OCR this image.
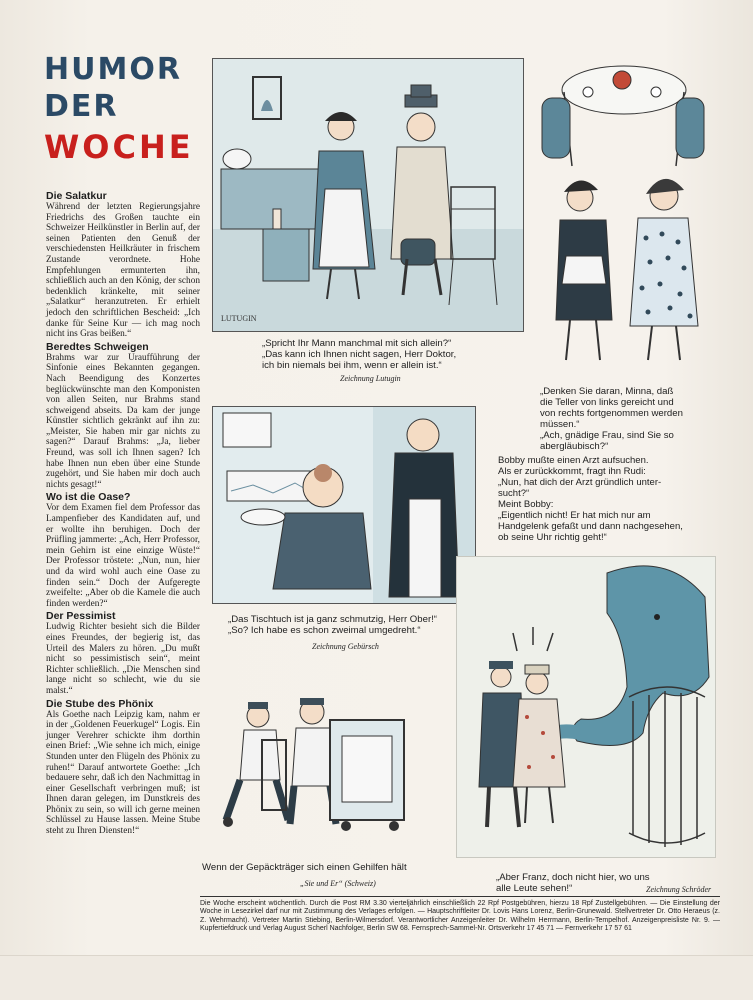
HUMOR
DER
WOCHE
Die Salatkur

Während der letzten Regierungsjahre Friedrichs des Großen tauchte ein Schweizer Heilkünstler in Berlin auf, der seinen Patienten den Genuß der verschiedensten Heilkräuter in frischem Zustande verordnete. Hohe Empfehlungen ermunterten ihn, schließlich auch an den König, der schon bedenklich kränkelte, mit seiner „Salatkur“ heranzutreten. Er erhielt jedoch den schriftlichen Bescheid: „Ich danke für Seine Kur — ich mag noch nicht ins Gras beißen.“

Beredtes Schweigen

Brahms war zur Uraufführung der Sinfonie eines Bekannten gegangen. Nach Beendigung des Konzertes beglückwünschte man den Komponisten von allen Seiten, nur Brahms stand schweigend abseits. Da kam der junge Künstler sichtlich gekränkt auf ihn zu: „Meister, Sie haben mir gar nichts zu sagen?“ Darauf Brahms: „Ja, lieber Freund, was soll ich Ihnen sagen? Ich habe Ihnen nun eben über eine Stunde zugehört, und Sie haben mir doch auch nichts gesagt!“

Wo ist die Oase?

Vor dem Examen fiel dem Professor das Lampenfieber des Kandidaten auf, und er wollte ihn beruhigen. Doch der Prüfling jammerte: „Ach, Herr Professor, mein Gehirn ist eine einzige Wüste!“ Der Professor tröstete: „Nun, nun, hier und da wird wohl auch eine Oase zu finden sein.“ Doch der Aufgeregte zweifelte: „Aber ob die Kamele die auch finden werden?“

Der Pessimist

Ludwig Richter besieht sich die Bilder eines Freundes, der begierig ist, das Urteil des Malers zu hören. „Du mußt nicht so pessimistisch sein“, meint Richter schließlich. „Die Menschen sind lange nicht so schlecht, wie du sie malst.“

Die Stube des Phönix

Als Goethe nach Leipzig kam, nahm er in der „Goldenen Feuerkugel“ Logis. Ein junger Verehrer schickte ihm dorthin einen Brief: „Wie sehne ich mich, einige Stunden unter den Flügeln des Phönix zu ruhen!“ Darauf antwortete Goethe: „Ich bedauere sehr, daß ich den Nachmittag in einer Gesellschaft verbringen muß; ist Ihnen daran gelegen, im Dunstkreis des Phönix zu sein, so will ich gerne meinen Schlüssel zu Hause lassen. Meine Stube steht zu Ihren Diensten!“

LUTUGIN
„Spricht Ihr Mann manchmal mit sich allein?“
„Das kann ich Ihnen nicht sagen, Herr Doktor,
ich bin niemals bei ihm, wenn er allein ist.“
Zeichnung Lutugin
„Denken Sie daran, Minna, daß
die Teller von links gereicht und
von rechts fortgenommen werden
müssen.“
„Ach, gnädige Frau, sind Sie so
abergläubisch?“
Bobby mußte einen Arzt aufsuchen.
Als er zurückkommt, fragt ihn Rudi:
„Nun, hat dich der Arzt gründlich unter-
sucht?“
Meint Bobby:
„Eigentlich nicht! Er hat mich nur am
Handgelenk gefaßt und dann nachgesehen,
ob seine Uhr richtig geht!“
„Das Tischtuch ist ja ganz schmutzig, Herr Ober!“
„So? Ich habe es schon zweimal umgedreht.“
Zeichnung Gebürsch
Wenn der Gepäckträger sich einen Gehilfen hält
„Sie und Er“ (Schweiz)
„Aber Franz, doch nicht hier, wo uns
alle Leute sehen!“	Zeichnung Schröder
Die Woche erscheint wöchentlich. Durch die Post RM 3.30 vierteljährlich einschließlich 22 Rpf Postgebühren, hierzu 18 Rpf Zustellgebühren. — Die Einstellung der Woche in Lesezirkel darf nur mit Zustimmung des Verlages erfolgen. — Hauptschriftleiter Dr. Lovis Hans Lorenz, Berlin-Grunewald. Stellvertreter Dr. Otto Heraeus (z. Z. Wehrmacht). Vertreter Martin Stiebing, Berlin-Wilmersdorf. Verantwortlicher Anzeigenleiter Dr. Wilhelm Herrmann, Berlin-Tempelhof. Anzeigenpreisliste Nr. 9. — Kupfertiefdruck und Verlag August Scherl Nachfolger, Berlin SW 68. Fernsprech-Sammel-Nr. Ortsverkehr 17 45 71 — Fernverkehr 17 57 61
